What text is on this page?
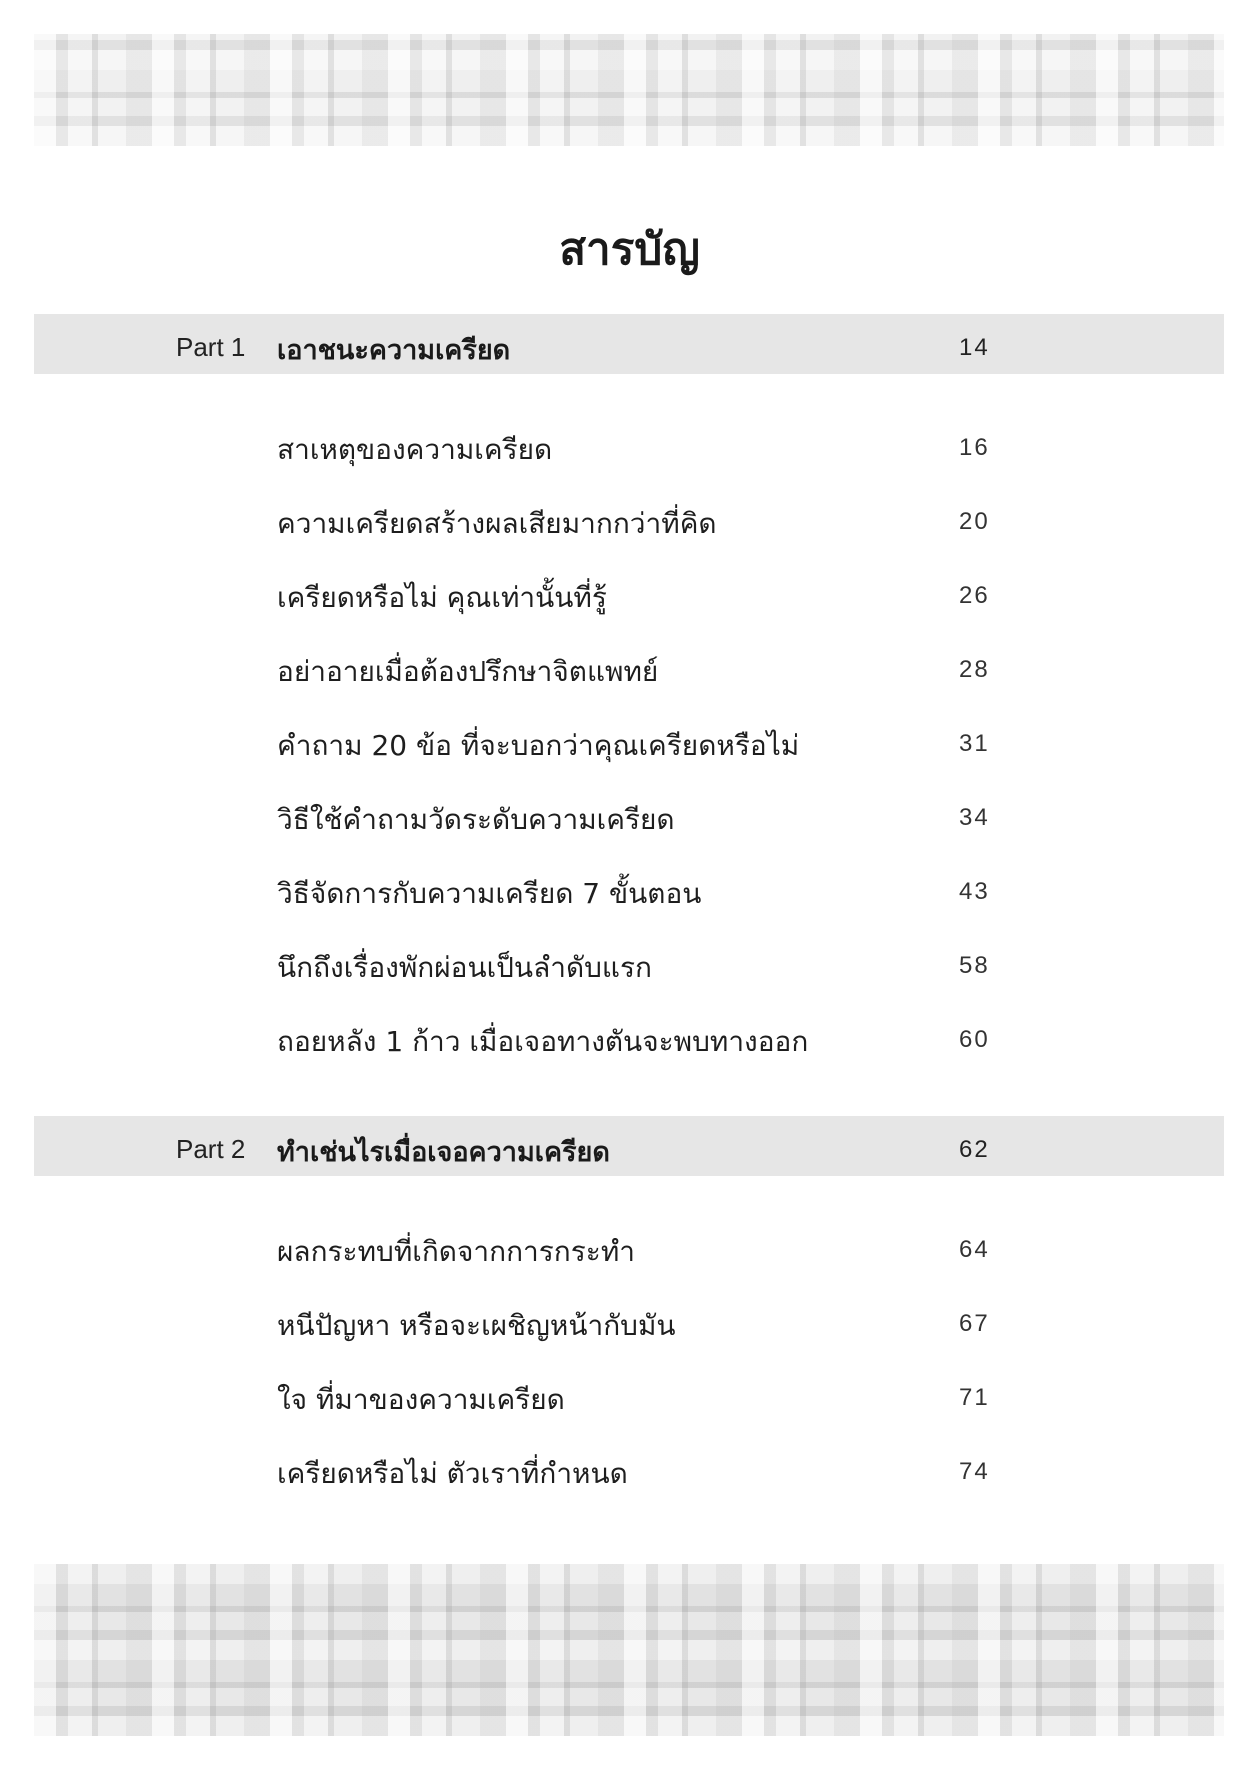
สารบัญ
Part 1 เอาชนะความเครียด	14
สาเหตุของความเครียด	16
ความเครียดสร้างผลเสียมากกว่าที่คิด	20
เครียดหรือไม่ คุณเท่านั้นที่รู้	26
อย่าอายเมื่อต้องปรึกษาจิตแพทย์	28
คำถาม 20 ข้อ ที่จะบอกว่าคุณเครียดหรือไม่	31
วิธีใช้คำถามวัดระดับความเครียด	34
วิธีจัดการกับความเครียด 7 ขั้นตอน	43
นึกถึงเรื่องพักผ่อนเป็นลำดับแรก	58
ถอยหลัง 1 ก้าว เมื่อเจอทางตันจะพบทางออก	60
Part 2 ทำเช่นไรเมื่อเจอความเครียด	62
ผลกระทบที่เกิดจากการกระทำ	64
หนีปัญหา หรือจะเผชิญหน้ากับมัน	67
ใจ ที่มาของความเครียด	71
เครียดหรือไม่ ตัวเราที่กำหนด	74
